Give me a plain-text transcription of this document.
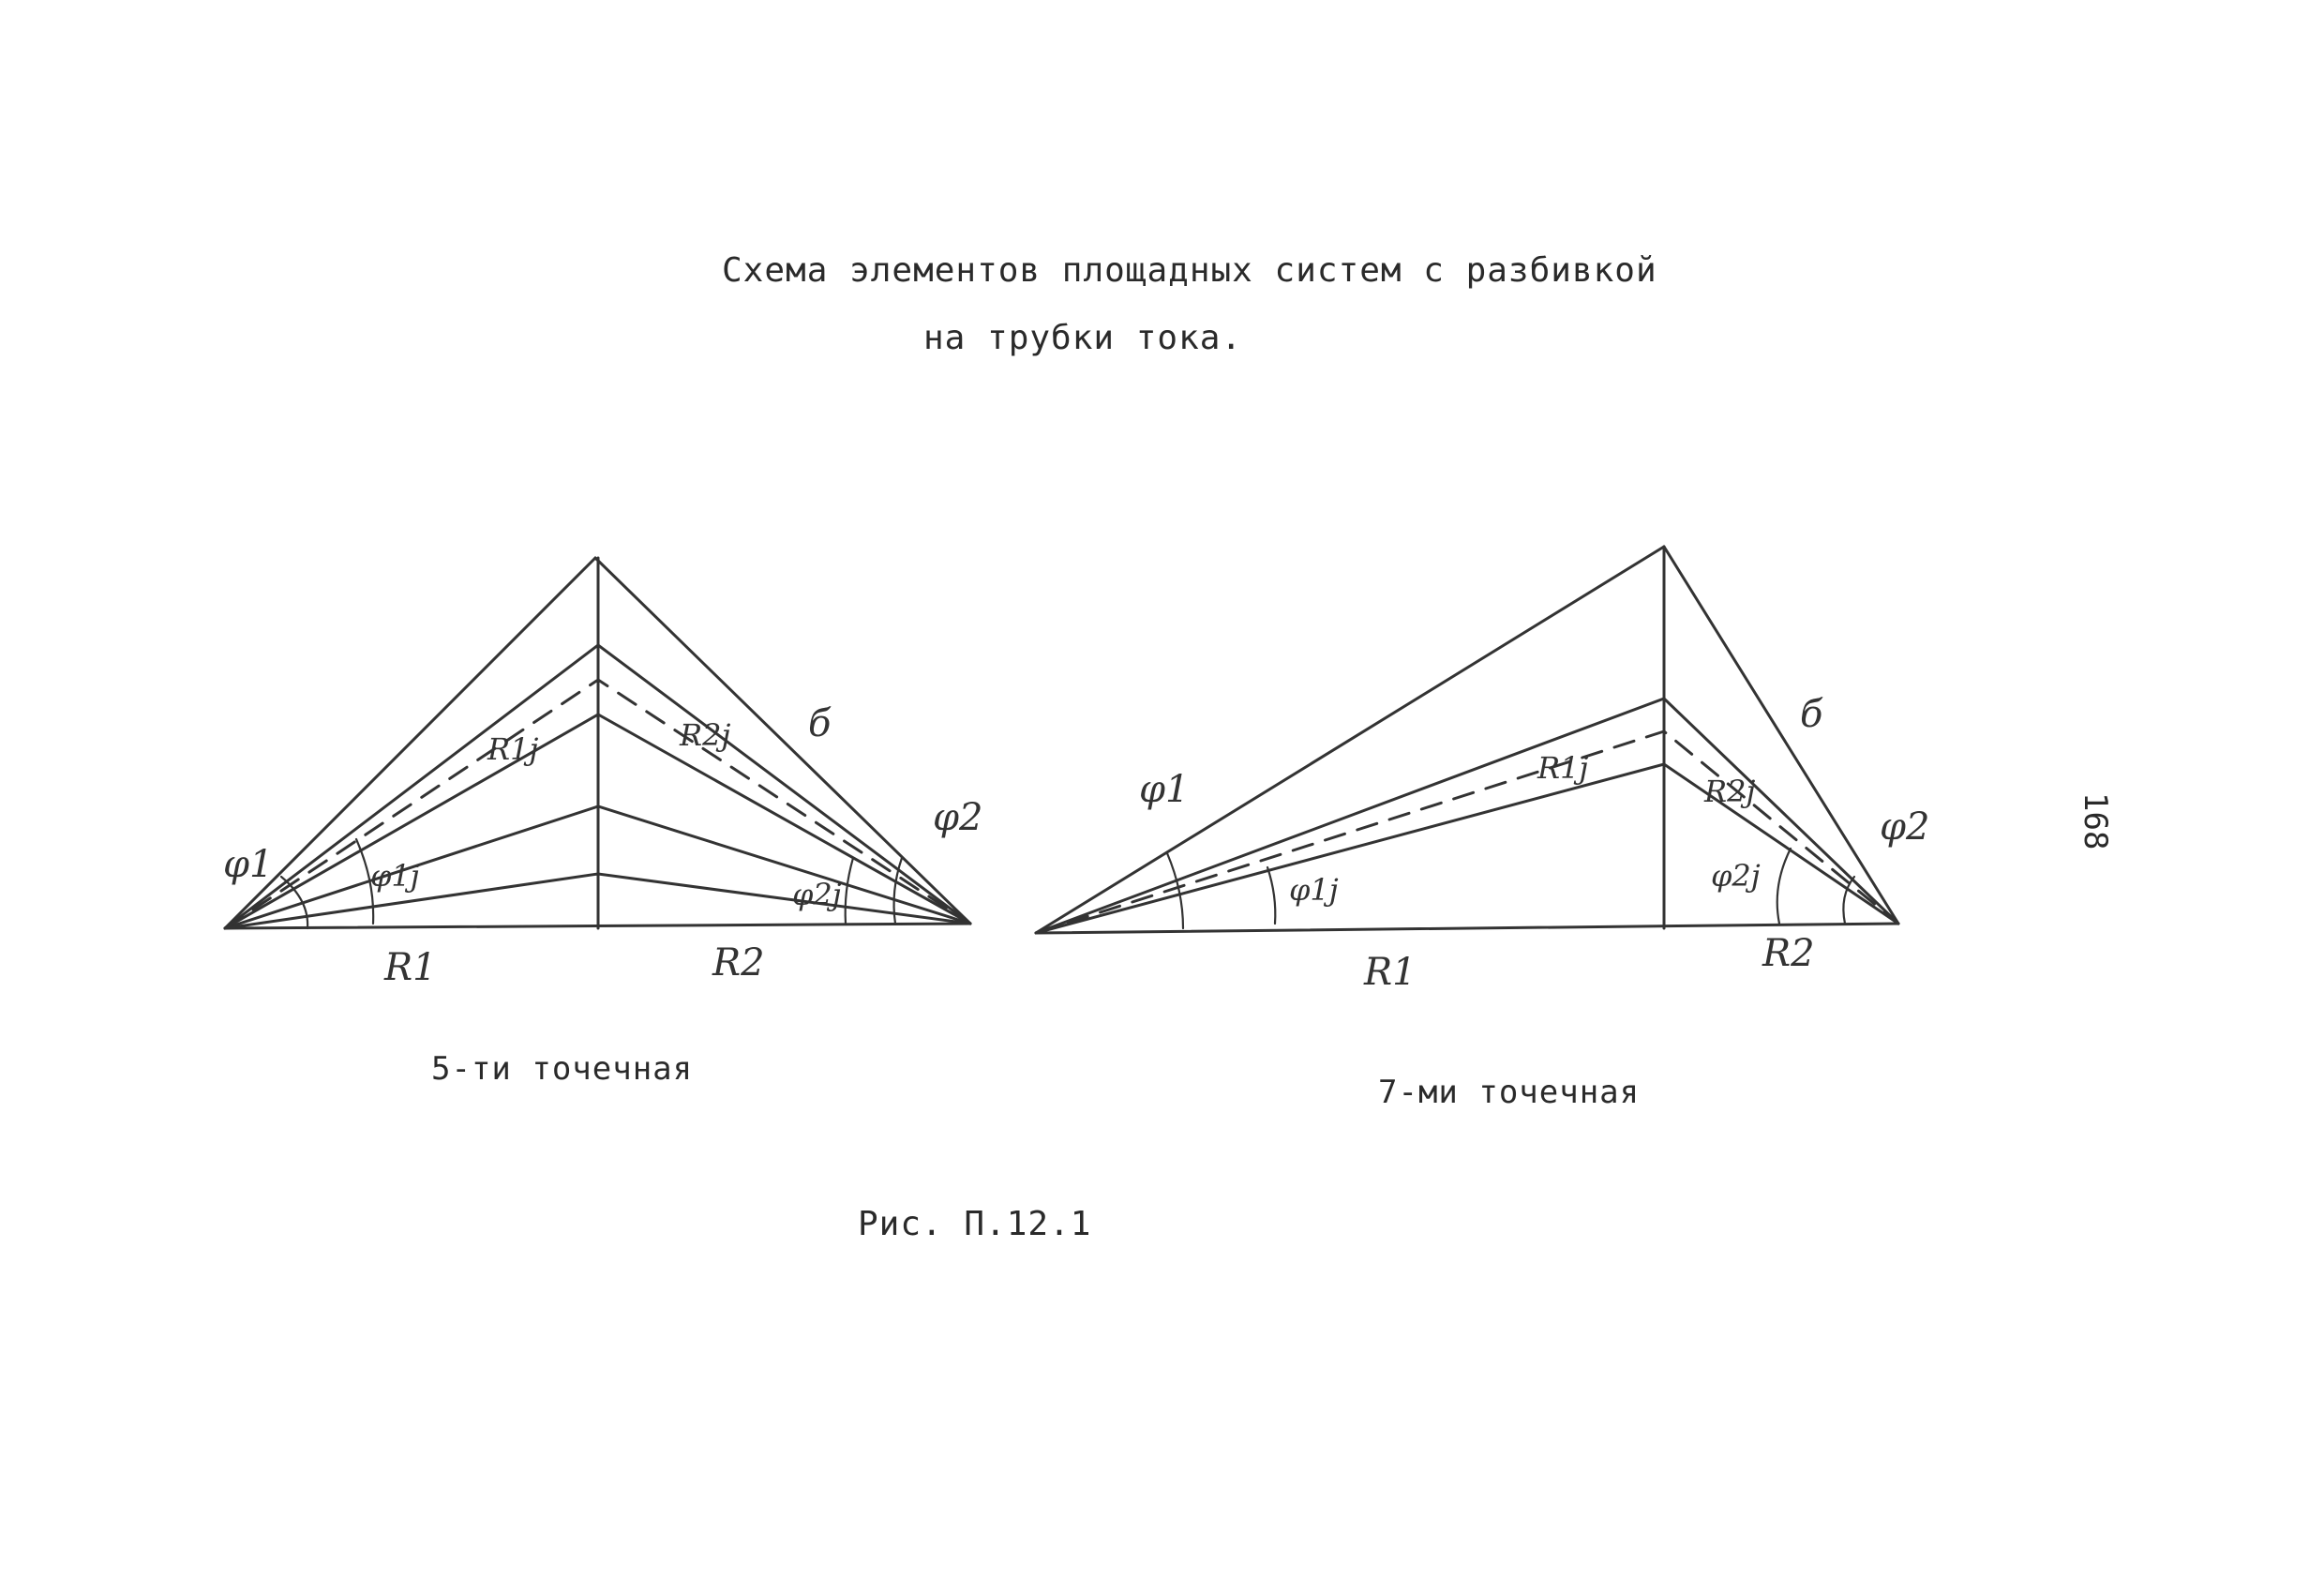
Схема элементов площадных систем с разбивкой
на трубки тока.
φ1	φ1j
R1j	R2j б
φ2
φ2j
R1	R2
φ1
φ1j
R1j
R2j
б
φ2
φ2j
R1	R2
5-ти точечная
7-ми точечная
Рис. П.12.1
168
